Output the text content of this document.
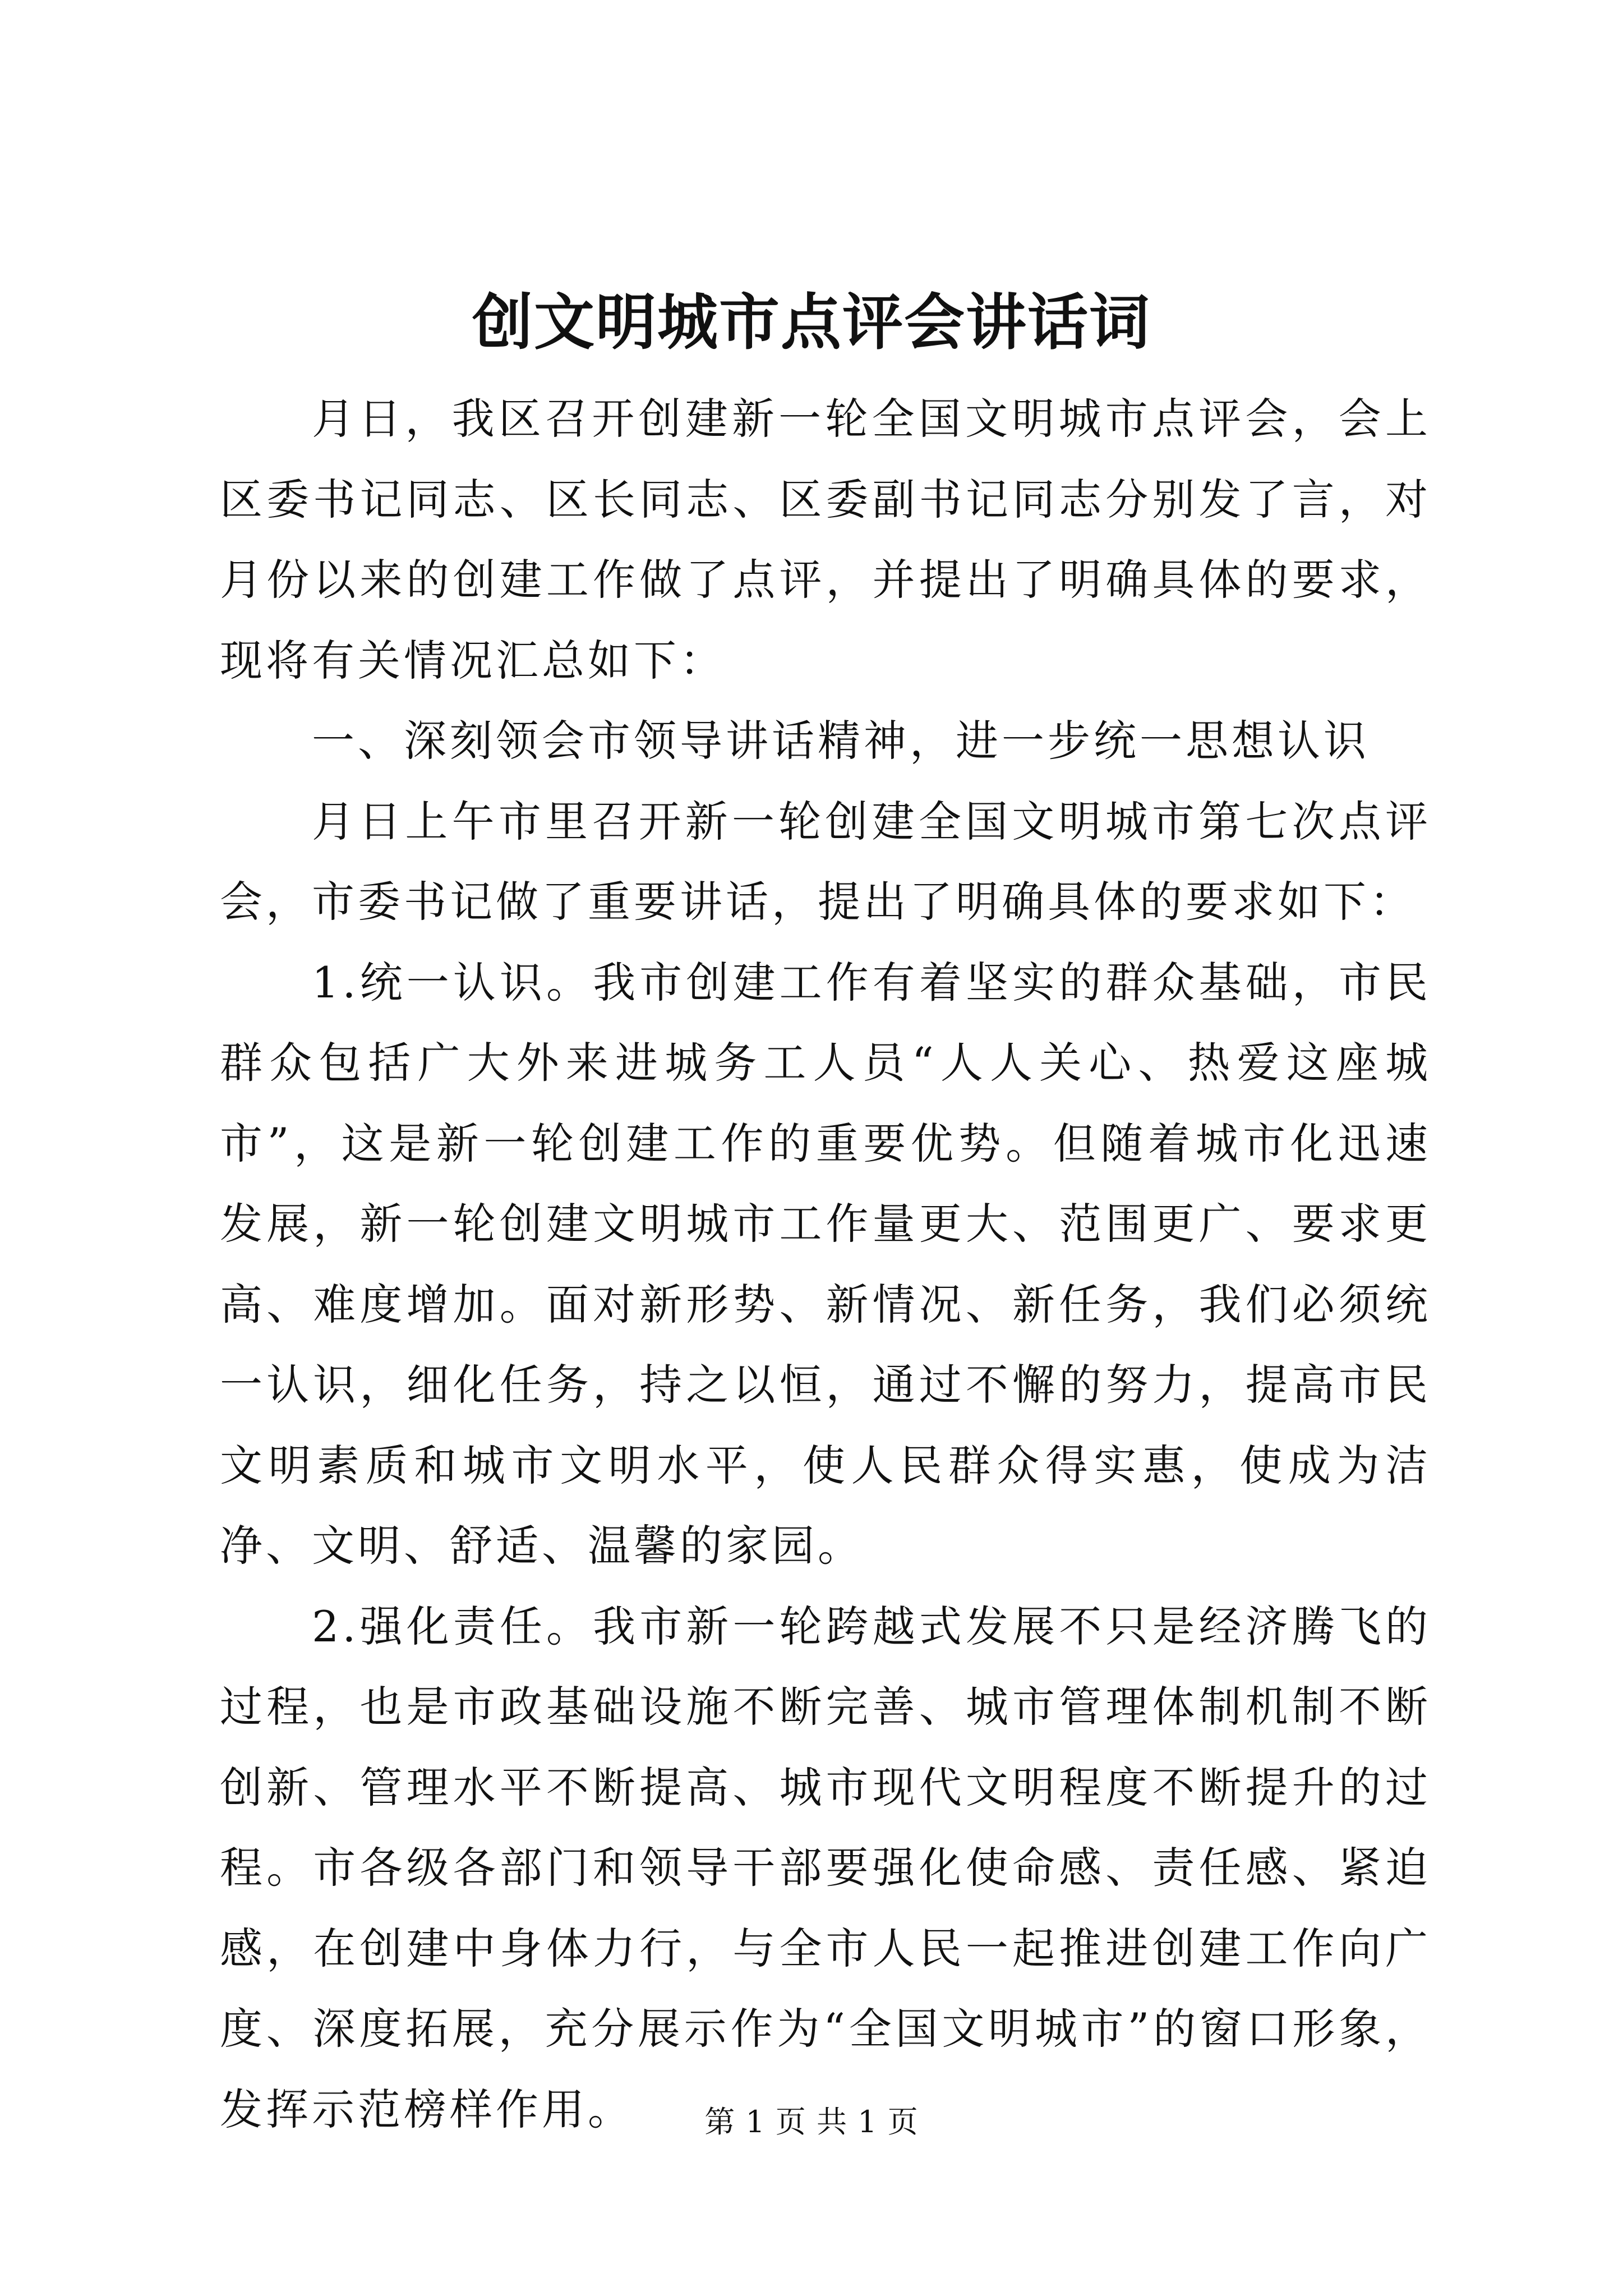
创文明城市点评会讲话词

月日，我区召开创建新一轮全国文明城市点评会，会上区委书记同志、区长同志、区委副书记同志分别发了言，对月份以来的创建工作做了点评，并提出了明确具体的要求，现将有关情况汇总如下：

一、深刻领会市领导讲话精神，进一步统一思想认识

月日上午市里召开新一轮创建全国文明城市第七次点评会，市委书记做了重要讲话，提出了明确具体的要求如下：

1.统一认识。我市创建工作有着坚实的群众基础，市民群众包括广大外来进城务工人员“人人关心、热爱这座城市”，这是新一轮创建工作的重要优势。但随着城市化迅速发展，新一轮创建文明城市工作量更大、范围更广、要求更高、难度增加。面对新形势、新情况、新任务，我们必须统一认识，细化任务，持之以恒，通过不懈的努力，提高市民文明素质和城市文明水平，使人民群众得实惠，使成为洁净、文明、舒适、温馨的家园。

2.强化责任。我市新一轮跨越式发展不只是经济腾飞的过程，也是市政基础设施不断完善、城市管理体制机制不断创新、管理水平不断提高、城市现代文明程度不断提升的过程。市各级各部门和领导干部要强化使命感、责任感、紧迫感，在创建中身体力行，与全市人民一起推进创建工作向广度、深度拓展，充分展示作为“全国文明城市”的窗口形象，发挥示范榜样作用。	第 1 页 共 1 页
